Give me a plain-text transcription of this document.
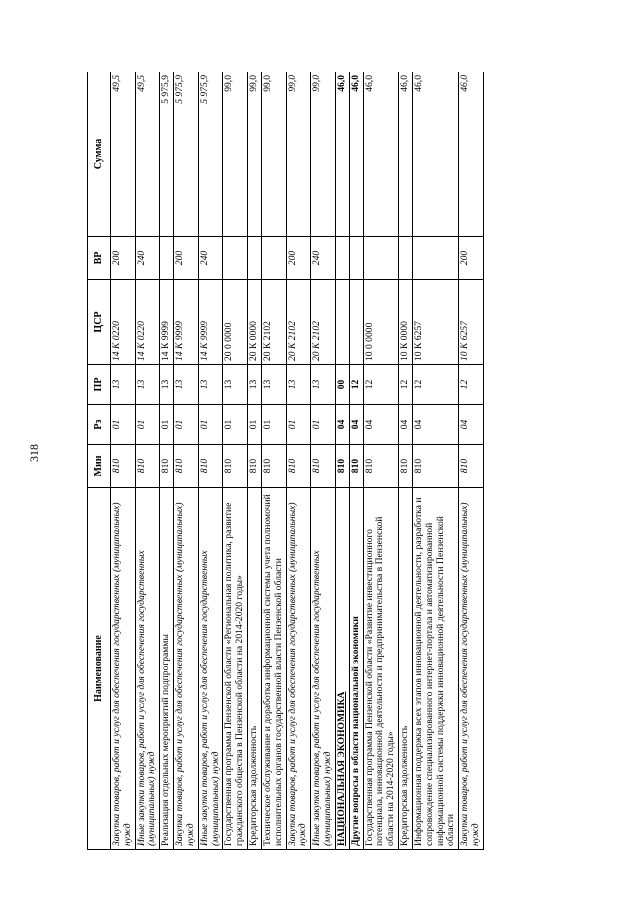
318
Наименование	Мин	Рз	ПР	ЦСР	ВР	Сумма
Закупка товаров, работ и услуг для обеспечения государственных (муниципальных) нужд	810	01	13	14 К 0220	200	49,5
Иные закупки товаров, работ и услуг для обеспечения государственных (муниципальных) нужд	810	01	13	14 К 0220	240	49,5
Реализация отдельных мероприятий подпрограммы	810	01	13	14 К 9999		5 975,9
Закупка товаров, работ и услуг для обеспечения государственных (муниципальных) нужд	810	01	13	14 К 9999	200	5 975,9
Иные закупки товаров, работ и услуг для обеспечения государственных (муниципальных) нужд	810	01	13	14 К 9999	240	5 975,9
Государственная программа Пензенской области «Региональная политика, развитие гражданского общества в Пензенской области на 2014-2020 годы»	810	01	13	20 0 0000		99,0
Кредиторская задолженность	810	01	13	20 К 0000		99,0
Техническое обслуживание и доработка информационной системы учета полномочий исполнительных органов государственной власти Пензенской области	810	01	13	20 К 2102		99,0
Закупка товаров, работ и услуг для обеспечения государственных (муниципальных) нужд	810	01	13	20 К 2102	200	99,0
Иные закупки товаров, работ и услуг для обеспечения государственных (муниципальных) нужд	810	01	13	20 К 2102	240	99,0
НАЦИОНАЛЬНАЯ ЭКОНОМИКА	810	04	00			46,0
Другие вопросы в области национальной экономики	810	04	12			46,0
Государственная программа Пензенской области «Развитие инвестиционного потенциала, инновационной деятельности и предпринимательства в Пензенской области на 2014-2020 годы»	810	04	12	10 0 0000		46,0
Кредиторская задолженность	810	04	12	10 К 0000		46,0
Информационная поддержка всех этапов инновационной деятельности, разработка и сопровождение специализированного интернет-портала и автоматизированной информационной системы поддержки инновационной деятельности Пензенской области	810	04	12	10 К 6257		46,0
Закупка товаров, работ и услуг для обеспечения государственных (муниципальных) нужд	810	04	12	10 К 6257	200	46,0
